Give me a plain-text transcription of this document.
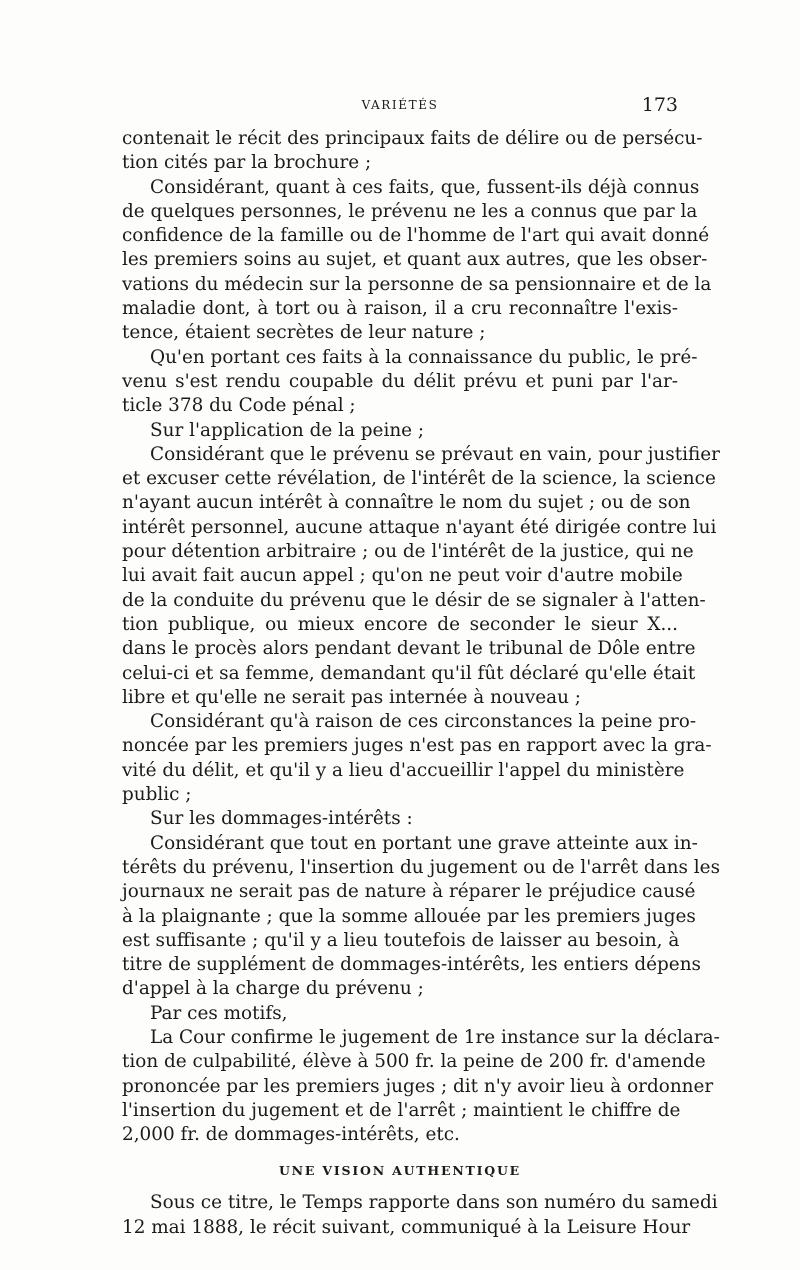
VARIÉTÉS	173
contenait le récit des principaux faits de délire ou de persécu-
tion cités par la brochure ;
Considérant, quant à ces faits, que, fussent-ils déjà connus
de quelques personnes, le prévenu ne les a connus que par la
confidence de la famille ou de l'homme de l'art qui avait donné
les premiers soins au sujet, et quant aux autres, que les obser-
vations du médecin sur la personne de sa pensionnaire et de la
maladie dont, à tort ou à raison, il a cru reconnaître l'exis-
tence, étaient secrètes de leur nature ;
Qu'en portant ces faits à la connaissance du public, le pré-
venu s'est rendu coupable du délit prévu et puni par l'ar-
ticle 378 du Code pénal ;
Sur l'application de la peine ;
Considérant que le prévenu se prévaut en vain, pour justifier
et excuser cette révélation, de l'intérêt de la science, la science
n'ayant aucun intérêt à connaître le nom du sujet ; ou de son
intérêt personnel, aucune attaque n'ayant été dirigée contre lui
pour détention arbitraire ; ou de l'intérêt de la justice, qui ne
lui avait fait aucun appel ; qu'on ne peut voir d'autre mobile
de la conduite du prévenu que le désir de se signaler à l'atten-
tion publique, ou mieux encore de seconder le sieur X...
dans le procès alors pendant devant le tribunal de Dôle entre
celui-ci et sa femme, demandant qu'il fût déclaré qu'elle était
libre et qu'elle ne serait pas internée à nouveau ;
Considérant qu'à raison de ces circonstances la peine pro-
noncée par les premiers juges n'est pas en rapport avec la gra-
vité du délit, et qu'il y a lieu d'accueillir l'appel du ministère
public ;
Sur les dommages-intérêts :
Considérant que tout en portant une grave atteinte aux in-
térêts du prévenu, l'insertion du jugement ou de l'arrêt dans les
journaux ne serait pas de nature à réparer le préjudice causé
à la plaignante ; que la somme allouée par les premiers juges
est suffisante ; qu'il y a lieu toutefois de laisser au besoin, à
titre de supplément de dommages-intérêts, les entiers dépens
d'appel à la charge du prévenu ;
Par ces motifs,
La Cour confirme le jugement de 1re instance sur la déclara-
tion de culpabilité, élève à 500 fr. la peine de 200 fr. d'amende
prononcée par les premiers juges ; dit n'y avoir lieu à ordonner
l'insertion du jugement et de l'arrêt ; maintient le chiffre de
2,000 fr. de dommages-intérêts, etc.
UNE VISION AUTHENTIQUE
Sous ce titre, le Temps rapporte dans son numéro du samedi
12 mai 1888, le récit suivant, communiqué à la Leisure Hour
